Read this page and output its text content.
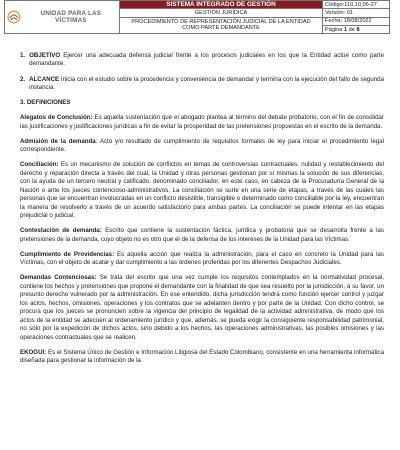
UNIDAD PARA LAS VÍCTIMAS	SISTEMA INTEGRADO DE GESTIÓN	Código:110,10,06-27
	GESTIÓN JURÍDICA	Versión: 01
	PROCEDIMIENTO DE REPRESENTACIÓN JUDICIAL DE LA ENTIDAD COMO PARTE DEMANDANTE	Fecha: 18/08/2022
		Página 1 de 8
1. OBJETIVO Ejercer una adecuada defensa judicial frente a los procesos judiciales en los que la Entidad actúe como parte demandante.
2. ALCANCE Inicia con el estudio sobre la procedencia y conveniencia de demandar y termina con la ejecución del fallo de segunda instancia.

3. DEFINICIONES

Alegatos de Conclusión: Es aquella sustentación que el abogado plantea al término del debate probatorio, con el fin de consolidar las justificaciones y justificaciones jurídicas a fin de evitar la prosperidad de las pretensiones propuestas en el escrito de la demanda.

Admisión de la demanda: Acto y/o resultado de cumplimiento de requisitos formales de ley para iniciar el procedimiento legal correspondiente.

Conciliación: Es un mecanismo de solución de conflictos en temas de controversias contractuales, nulidad y restablecimiento del derecho y reparación directa a través del cual, la Unidad y otras personas gestionan por sí mismas la solución de sus diferencias, con la ayuda de un tercero neutral y calificado, denominado conciliador, en este caso, en cabeza de la Procuraduría General de la Nación o ante los jueces contencioso-administrativos. La conciliación se surte en una serie de etapas, a través de las cuales las personas que se encuentran involucradas en un conflicto desistible, transigible o determinado como conciliable por la ley, encuentran la manera de resolverlo a través de un acuerdo satisfactorio para ambas partes. La conciliación se puede intentar en las etapas prejudicial o judicial.

Contestación de demanda: Escrito que contiene la sustentación fáctica, jurídica y probatoria que se desarrolla frente a las pretensiones de la demanda, cuyo objeto no es otro que el de la defensa de los intereses de la Unidad para las Víctimas.

Cumplimiento de Providencias: Es aquella acción que realiza la administración, para el caso en concreto la Unidad para las Víctimas, con el objeto de acatar y dar cumplimiento a las órdenes proferidas por los diferentes Despachos Judiciales.

Demandas Contenciosas: Se trata del escrito que una vez cumple los requisitos contemplados en la normatividad procesal, contiene los hechos y pretensiones que propone el demandante con la finalidad de que sea resuelto por la jurisdicción, a su favor, un presunto derecho vulnerado por la administración. En ese entendido, dicha jurisdicción tendrá como función ejercer control y juzgar los actos, hechos, omisiones, operaciones y los contratos que se adelanten dentro y por parte de la Unidad. Con dicho control, se procura que los jueces se pronuncien sobre la vigencia del principio de legalidad de la actividad administrativa, de modo que los actos de la entidad se adecúen al ordenamiento jurídico y que, además, se pueda exigir la consiguiente responsabilidad patrimonial, no sólo por la expedición de dichos actos, sino debido a los hechos, las operaciones administrativas, las posibles omisiones y las operaciones contractuales que se realicen.

EKOGUI: Es el Sistema Único de Gestión e Información Litigiosa del Estado Colombiano, consistente en una herramienta informática diseñada para gestionar la información de la
